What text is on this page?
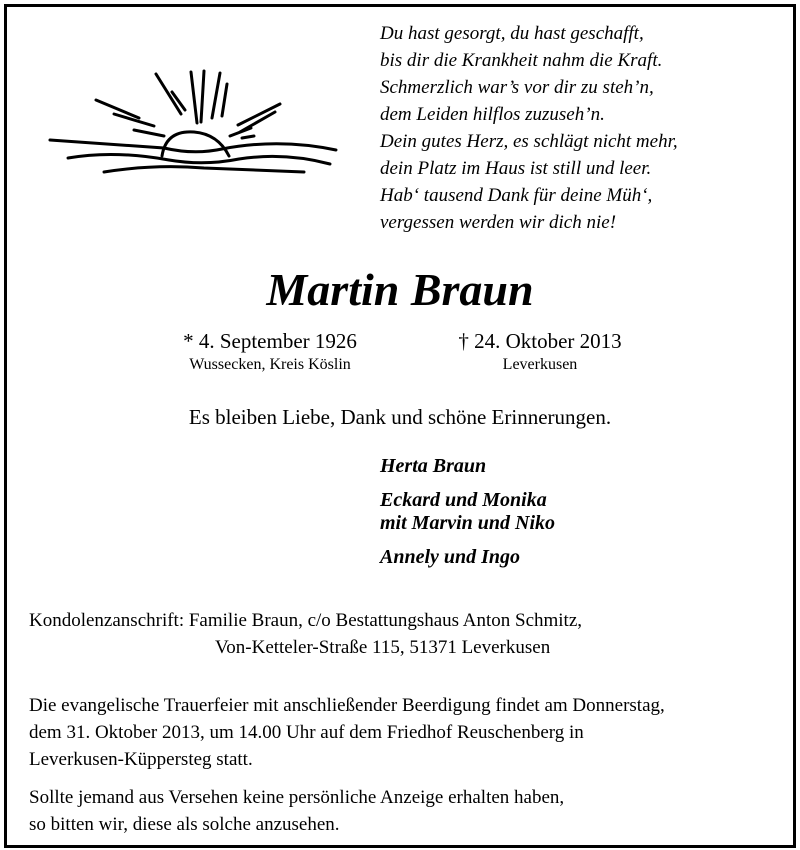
Du hast gesorgt, du hast geschafft,
bis dir die Krankheit nahm die Kraft.
Schmerzlich war’s vor dir zu steh’n,
dem Leiden hilflos zuzuseh’n.
Dein gutes Herz, es schlägt nicht mehr,
dein Platz im Haus ist still und leer.
Hab‘ tausend Dank für deine Müh‘,
vergessen werden wir dich nie!
Martin Braun
* 4. September 1926
Wussecken, Kreis Köslin
† 24. Oktober 2013
Leverkusen
Es bleiben Liebe, Dank und schöne Erinnerungen.
Herta Braun
Eckard und Monika
mit Marvin und Niko
Annely und Ingo
Kondolenzanschrift: Familie Braun, c/o Bestattungshaus Anton Schmitz,
Von-Ketteler-Straße 115, 51371 Leverkusen
Die evangelische Trauerfeier mit anschließender Beerdigung findet am Donnerstag,
dem 31. Oktober 2013, um 14.00 Uhr auf dem Friedhof Reuschenberg in
Leverkusen-Küppersteg statt.
Sollte jemand aus Versehen keine persönliche Anzeige erhalten haben,
so bitten wir, diese als solche anzusehen.
